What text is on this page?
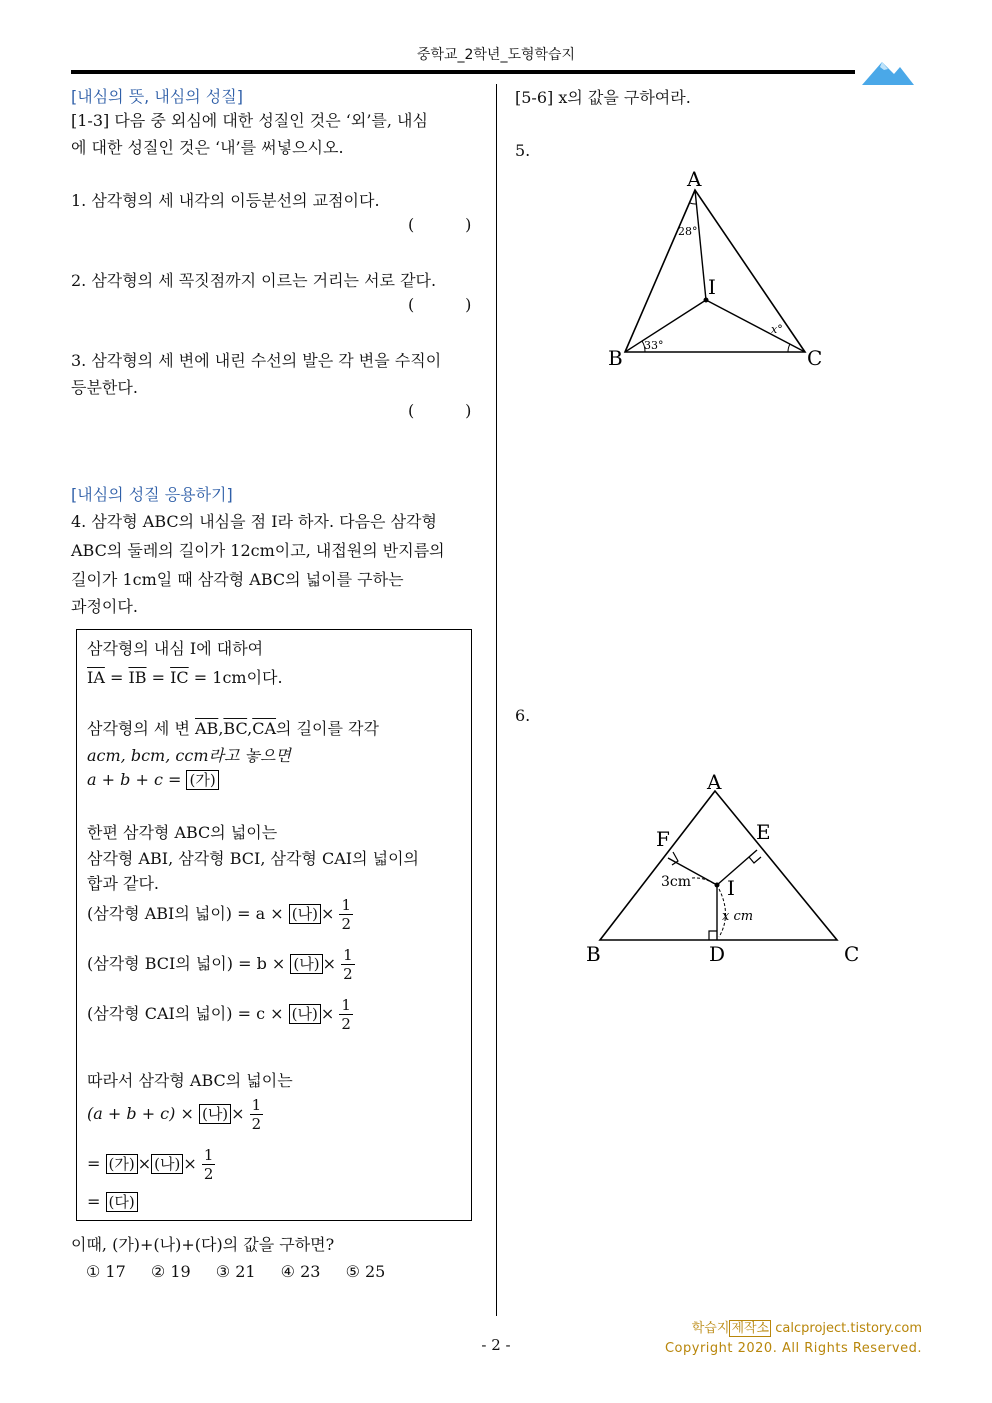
중학교_2학년_도형학습지
[내심의 뜻, 내심의 성질]
[1-3] 다음 중 외심에 대한 성질인 것은 ‘외’를, 내심
에 대한 성질인 것은 ‘내’를 써넣으시오.
1. 삼각형의 세 내각의 이등분선의 교점이다.
(          )
2. 삼각형의 세 꼭짓점까지 이르는 거리는 서로 같다.
(          )
3. 삼각형의 세 변에 내린 수선의 발은 각 변을 수직이
등분한다.
(          )
[내심의 성질 응용하기]
4. 삼각형 ABC의 내심을 점 I라 하자. 다음은 삼각형
ABC의 둘레의 길이가 12cm이고, 내접원의 반지름의
길이가 1cm일 때 삼각형 ABC의 넓이를 구하는
과정이다.
삼각형의 내심 I에 대하여
$\overline{IA} = \overline{IB} = \overline{IC} = 1cm$이다.
삼각형의 세 변 $\overline{AB},\overline{BC},\overline{CA}$의 길이를 각각
acm, bcm, ccm라고 놓으면
a + b + c = (가)
한편 삼각형 ABC의 넓이는
삼각형 ABI, 삼각형 BCI, 삼각형 CAI의 넓이의
합과 같다.
(삼각형 ABI의 넓이) = a × (나) × $\frac{1}{2}$
(삼각형 BCI의 넓이) = b × (나) × $\frac{1}{2}$
(삼각형 CAI의 넓이) = c × (나) × $\frac{1}{2}$
따라서 삼각형 ABC의 넓이는
(a + b + c) × (나) × $\frac{1}{2}$
= (가) × (나) × $\frac{1}{2}$
= (다)
이때, (가)+(나)+(다)의 값을 구하면?
① 17 ② 19 ③ 21 ④ 23 ⑤ 25
[5-6] x의 값을 구하여라.
5.
A
B	C
I
28°
33°
x°
6.
A
B	C
D
E
F
I
3cm
x cm
학습지 제작소 calcproject.tistory.com
Copyright 2020. All Rights Reserved.
- 2 -
